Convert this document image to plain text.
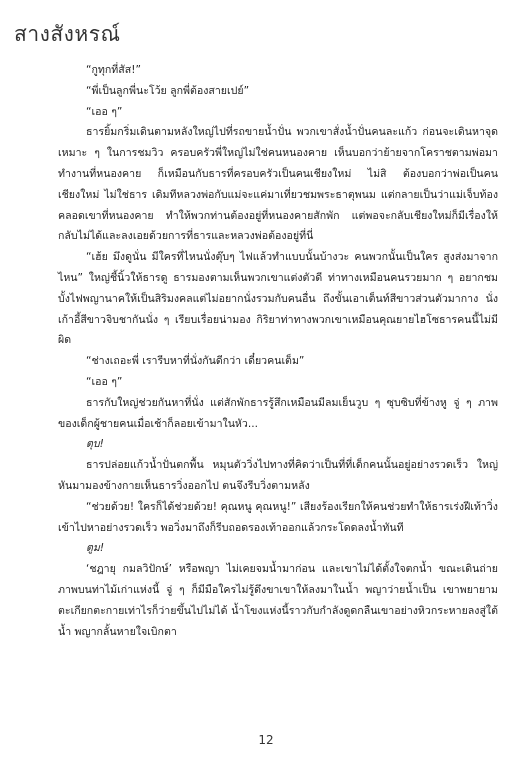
สางสังหรณ์

“กูทุกที่สัส!”

“พี่เป็นลูกพี่นะโว้ย ลูกพี่ต้องสายเปย์”

“เออ ๆ”

ธารยิ้มกริ่มเดินตามหลังใหญ่ไปที่รถขายน้ำปั่น พวกเขาสั่งน้ำปั่นคนละแก้ว ก่อนจะเดินหาจุดเหมาะ ๆ ในการชมวิว ครอบครัวพี่ใหญ่ไม่ใช่คนหนองคาย เห็นบอกว่าย้ายจากโคราชตามพ่อมาทำงานที่หนองคาย ก็เหมือนกับธารที่ครอบครัวเป็นคนเชียงใหม่ ไม่สิ ต้องบอกว่าพ่อเป็นคนเชียงใหม่ ไม่ใช่ธาร เดิมทีหลวงพ่อกับแม่จะแค่มาเที่ยวชมพระธาตุพนม แต่กลายเป็นว่าแม่เจ็บท้องคลอดเขาที่หนองคาย ทำให้พวกท่านต้องอยู่ที่หนองคายสักพัก แต่พอจะกลับเชียงใหม่ก็มีเรื่องให้กลับไม่ได้และลงเอยด้วยการที่ธารและหลวงพ่อต้องอยู่ที่นี่

“เฮ้ย มึงดูนั่น มีใครที่ไหนนั่งตุ๊บๆ ไฟแล้วทำแบบนั้นบ้างวะ คนพวกนั้นเป็นใคร สูงส่งมาจากไหน” ใหญ่ชี้นิ้วให้ธารดู ธารมองตามเห็นพวกเขาแต่งตัวดี ท่าทางเหมือนคนรวยมาก ๆ อยากชมบั้งไฟพญานาคให้เป็นสิริมงคลแต่ไม่อยากนั่งรวมกับคนอื่น ถึงขั้นเอาเต็นท์สีขาวส่วนตัวมากาง นั่งเก้าอี้สีขาวจิบชากันนั่ง ๆ เรียบเรื่อยน่ามอง กิริยาท่าทางพวกเขาเหมือนคุณยายไฮโซธารคนนี้ไม่มีผิด

“ช่างเถอะพี่ เรารีบหาที่นั่งกันดีกว่า เดี๋ยวคนเต็ม”

“เออ ๆ”

ธารกับใหญ่ช่วยกันหาที่นั่ง แต่สักพักธารรู้สึกเหมือนมีลมเย็นวูบ ๆ ซุบซิบที่ข้างหู จู่ ๆ ภาพของเด็กผู้ชายคนเมื่อเช้าก็ลอยเข้ามาในหัว...

ตุบ!

ธารปล่อยแก้วน้ำปั่นตกพื้น หมุนตัววิ่งไปทางที่คิดว่าเป็นที่ที่เด็กคนนั้นอยู่อย่างรวดเร็ว ใหญ่หันมามองข้างกายเห็นธารวิ่งออกไป ตนจึงรีบวิ่งตามหลัง

“ช่วยด้วย! ใครก็ได้ช่วยด้วย! คุณหนู คุณหนู!” เสียงร้องเรียกให้คนช่วยทำให้ธารเร่งฝีเท้าวิ่งเข้าไปหาอย่างรวดเร็ว พอวิ่งมาถึงก็รีบถอดรองเท้าออกแล้วกระโดดลงน้ำทันที

ตูม!

‘ชฎายุ กมลวิปักษ์’ หรือพญา ไม่เคยจมน้ำมาก่อน และเขาไม่ได้ตั้งใจตกน้ำ ขณะเดินถ่ายภาพบนท่าไม้เก่าแห่งนี้ จู่ ๆ ก็มีมือใครไม่รู้ดึงขาเขาให้ลงมาในน้ำ พญาว่ายน้ำเป็น เขาพยายามตะเกียกตะกายเท่าไรก็ว่ายขึ้นไปไม่ได้ น้ำโขงแห่งนี้ราวกับกำลังดูดกลืนเขาอย่างหิวกระหายลงสู่ใต้น้ำ พญากลั้นหายใจเบิกตา

12
